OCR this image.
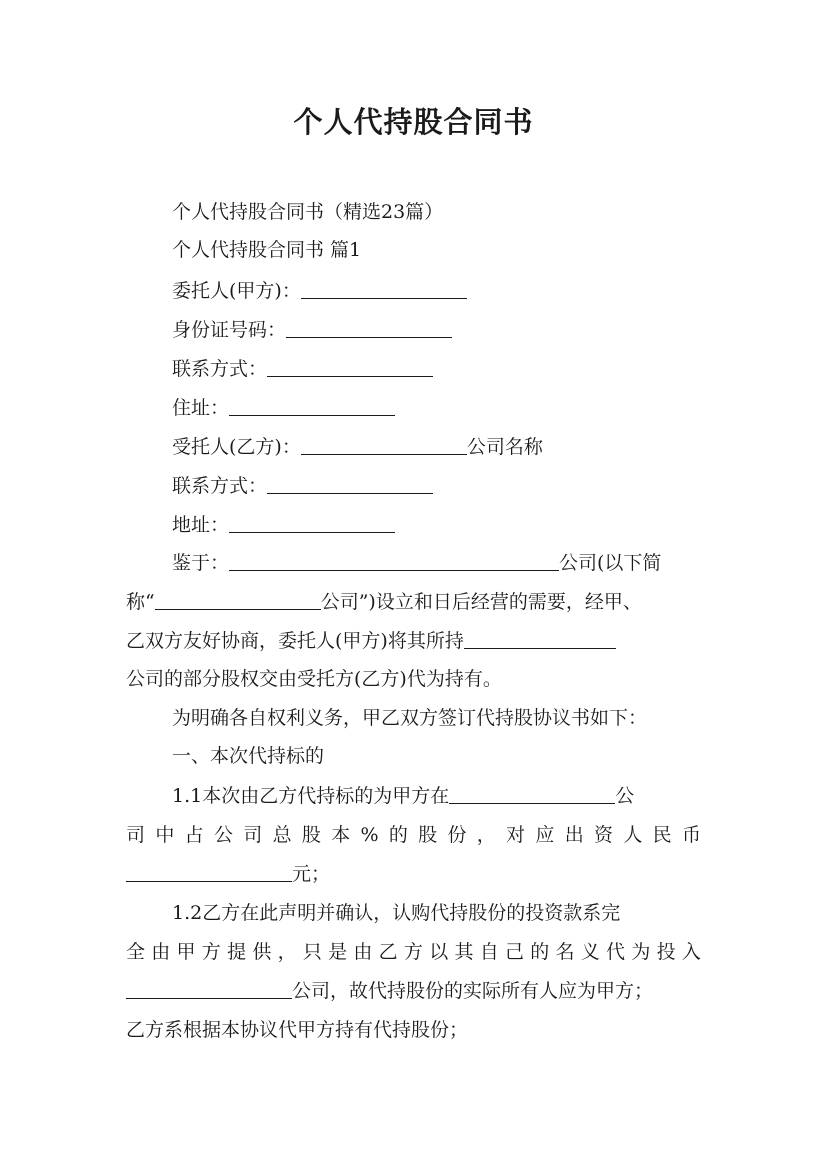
个人代持股合同书
个人代持股合同书（精选23篇）
个人代持股合同书 篇1
委托人(甲方)：
身份证号码：
联系方式：
住址：
受托人(乙方)：	公司名称
联系方式：
地址：
鉴于：	公司(以下简
称“	公司”)设立和日后经营的需要，经甲、
乙双方友好协商，委托人(甲方)将其所持
公司的部分股权交由受托方(乙方)代为持有。
为明确各自权利义务，甲乙双方签订代持股协议书如下：
一、本次代持标的
1.1本次由乙方代持标的为甲方在	公
司 中 占 公 司 总 股 本 % 的 股 份 ， 对 应 出 资 人 民 币
元；
1.2乙方在此声明并确认，认购代持股份的投资款系完
全 由 甲 方 提 供 ， 只 是 由 乙 方 以 其 自 己 的 名 义 代 为 投 入
公司，故代持股份的实际所有人应为甲方；
乙方系根据本协议代甲方持有代持股份；
